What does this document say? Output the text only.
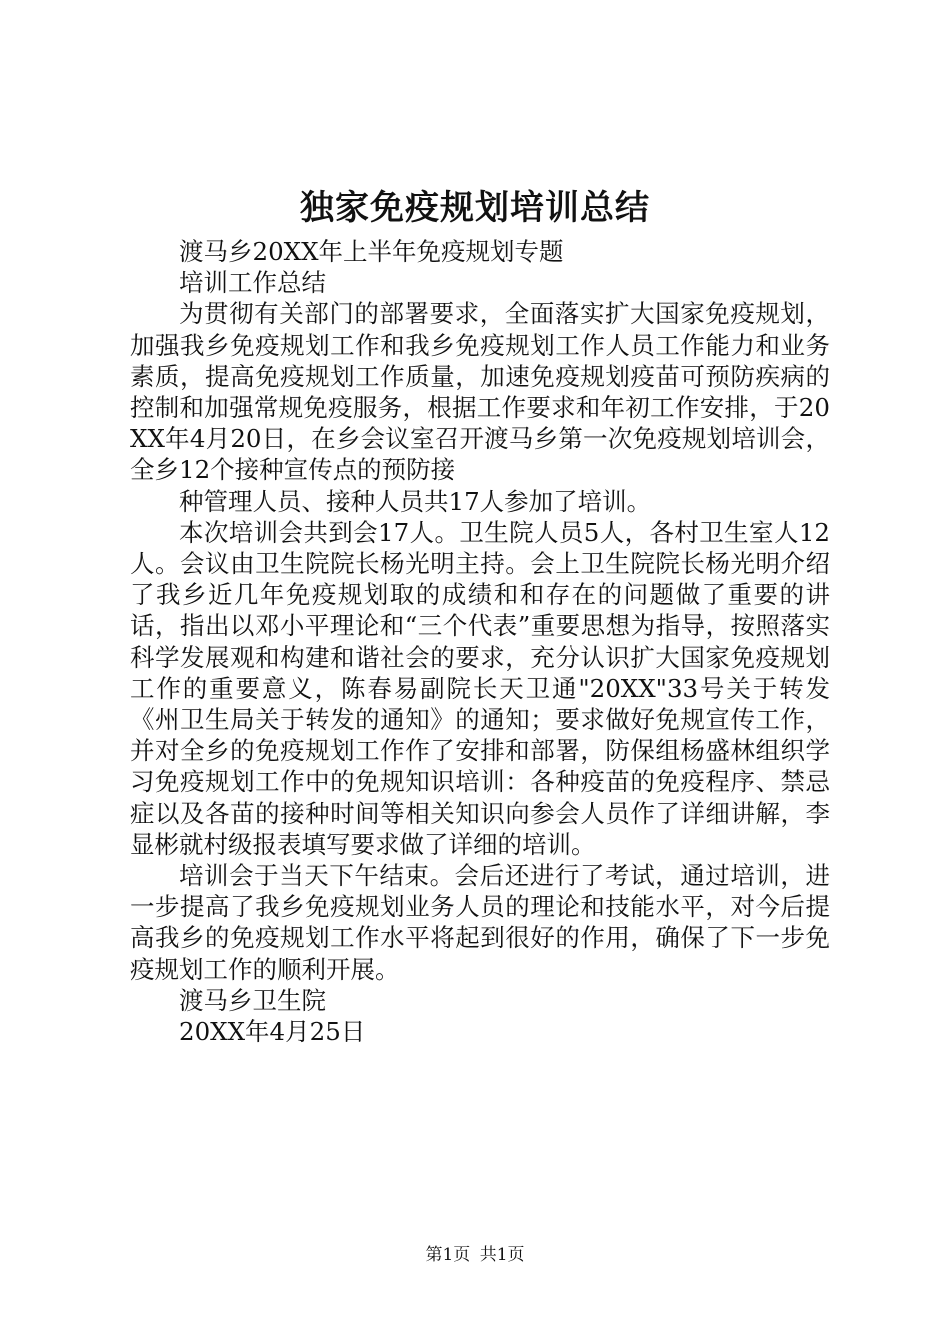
独家免疫规划培训总结

渡马乡20XX年上半年免疫规划专题

培训工作总结

为贯彻有关部门的部署要求，全面落实扩大国家免疫规划，加强我乡免疫规划工作和我乡免疫规划工作人员工作能力和业务素质，提高免疫规划工作质量，加速免疫规划疫苗可预防疾病的控制和加强常规免疫服务，根据工作要求和年初工作安排，于20XX年4月20日，在乡会议室召开渡马乡第一次免疫规划培训会，全乡12个接种宣传点的预防接

种管理人员、接种人员共17人参加了培训。

本次培训会共到会17人。卫生院人员5人，各村卫生室人12人。会议由卫生院院长杨光明主持。会上卫生院院长杨光明介绍了我乡近几年免疫规划取的成绩和和存在的问题做了重要的讲话，指出以邓小平理论和“三个代表”重要思想为指导，按照落实科学发展观和构建和谐社会的要求，充分认识扩大国家免疫规划工作的重要意义，陈春易副院长天卫通"20XX"33号关于转发《州卫生局关于转发的通知》的通知；要求做好免规宣传工作，并对全乡的免疫规划工作作了安排和部署，防保组杨盛林组织学习免疫规划工作中的免规知识培训：各种疫苗的免疫程序、禁忌症以及各苗的接种时间等相关知识向参会人员作了详细讲解，李显彬就村级报表填写要求做了详细的培训。

培训会于当天下午结束。会后还进行了考试，通过培训，进一步提高了我乡免疫规划业务人员的理论和技能水平，对今后提高我乡的免疫规划工作水平将起到很好的作用，确保了下一步免疫规划工作的顺利开展。

渡马乡卫生院

20XX年4月25日

第1页 共1页
